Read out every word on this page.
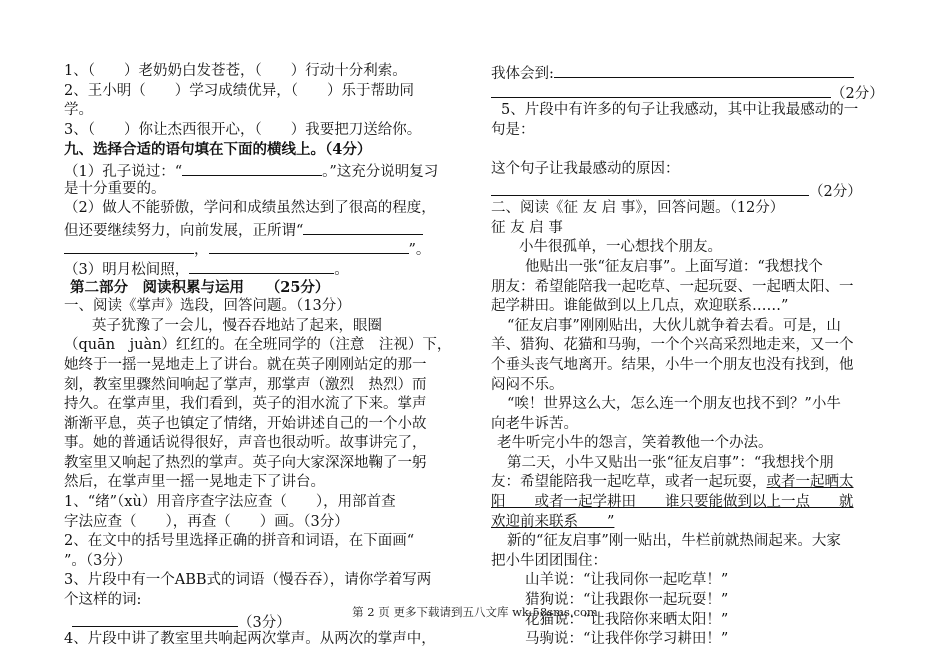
1、（　　）老奶奶白发苍苍，（　　）行动十分利索。
2、王小明（　　）学习成绩优异，（　　）乐于帮助同
学。
3、（　　）你让杰西很开心，（　　）我要把刀送给你。
九、选择合适的语句填在下面的横线上。（4分）
（1）孔子说过：“	。”这充分说明复习
是十分重要的。
（2）做人不能骄傲，学问和成绩虽然达到了很高的程度，
但还要继续努力，向前发展，正所谓“
，	”。
（3）明月松间照，	。
第二部分　阅读积累与运用　　（25分）
一、阅读《掌声》选段，回答问题。（13分）
英子犹豫了一会儿，慢吞吞地站了起来，眼圈
（quān　juàn）红红的。在全班同学的（注意　注视）下，
她终于一摇一晃地走上了讲台。就在英子刚刚站定的那一
刻，教室里骤然间响起了掌声，那掌声（激烈　热烈）而
持久。在掌声里，我们看到，英子的泪水流了下来。掌声
渐渐平息，英子也镇定了情绪，开始讲述自己的一个小故
事。她的普通话说得很好，声音也很动听。故事讲完了，
教室里又响起了热烈的掌声。英子向大家深深地鞠了一躬
然后，在掌声里一摇一晃地走下了讲台。
1、“绪”（xù）用音序查字法应查（　　），用部首查
字法应查（　　），再查（　　）画。（3分）
2、在文中的括号里选择正确的拼音和词语，在下面画“
”。（3分）
3、片段中有一个ABB式的词语（慢吞吞），请你学着写两
个这样的词:
（3分）
4、片段中讲了教室里共响起两次掌声。从两次的掌声中，
我体会到:
（2分）
5、片段中有许多的句子让我感动，其中让我最感动的一
句是：
这个句子让我最感动的原因：
（2分）
二、阅读《征 友 启 事》，回答问题。（12分）
征 友 启 事
小牛很孤单，一心想找个朋友。
他贴出一张“征友启事”。上面写道：“我想找个
朋友：希望能陪我一起吃草、一起玩耍、一起晒太阳、一
起学耕田。谁能做到以上几点，欢迎联系……”
“征友启事”刚刚贴出，大伙儿就争着去看。可是，山
羊、猎狗、花猫和马驹，一个个兴高采烈地走来，又一个
个垂头丧气地离开。结果，小牛一个朋友也没有找到，他
闷闷不乐。
“唉！世界这么大，怎么连一个朋友也找不到？”小牛
向老牛诉苦。
老牛听完小牛的怨言，笑着教他一个办法。
第二天，小牛又贴出一张“征友启事”：“我想找个朋
友：希望能陪我一起吃草，或者一起玩耍，或者一起晒太
阳　　或者一起学耕田　　谁只要能做到以上一点　　就
欢迎前来联系　　”
新的“征友启事”刚一贴出，牛栏前就热闹起来。大家
把小牛团团围住：
山羊说：“让我同你一起吃草！”
猎狗说：“让我跟你一起玩耍！”
花猫说：“让我陪你来晒太阳！”
马驹说：“让我伴你学习耕田！”
第 2 页 更多下载请到五八文库 wk.58sms.com
